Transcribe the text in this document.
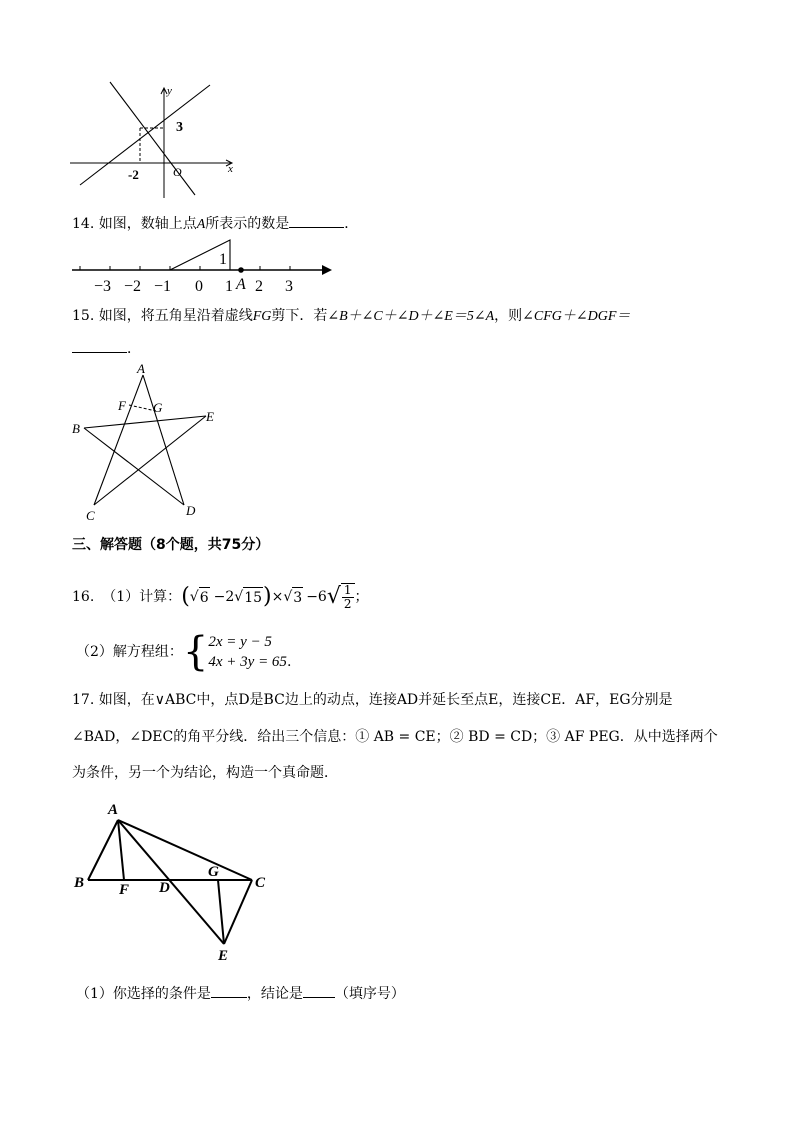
y
x
O
3
-2
14. 如图，数轴上点A所表示的数是	．
1
−3 −2 −1 0 1 A 2 3
15. 如图，将五角星沿着虚线FG剪下．若∠B＋∠C＋∠D＋∠E＝5∠A，则∠CFG＋∠DGF＝
．
A
F G
E
B
C	D
三、解答题（8个题，共75分）
16. （1）计算： ( √ 6 −2 √ 15 ) × √ 3 −6 √ $\frac{1}{2}$ ；
（2）解方程组： { 2x = y − 5
4x + 3y = 65 .
17. 如图，在∨ABC中，点D是BC边上的动点，连接AD并延长至点E，连接CE．AF，EG分别是
∠BAD，∠DEC的角平分线．给出三个信息：① AB = CE；② BD = CD；③ AF PEG．从中选择两个
为条件，另一个为结论，构造一个真命题．
A
B F D
G
C
E
（1）你选择的条件是	，结论是 （填序号）
